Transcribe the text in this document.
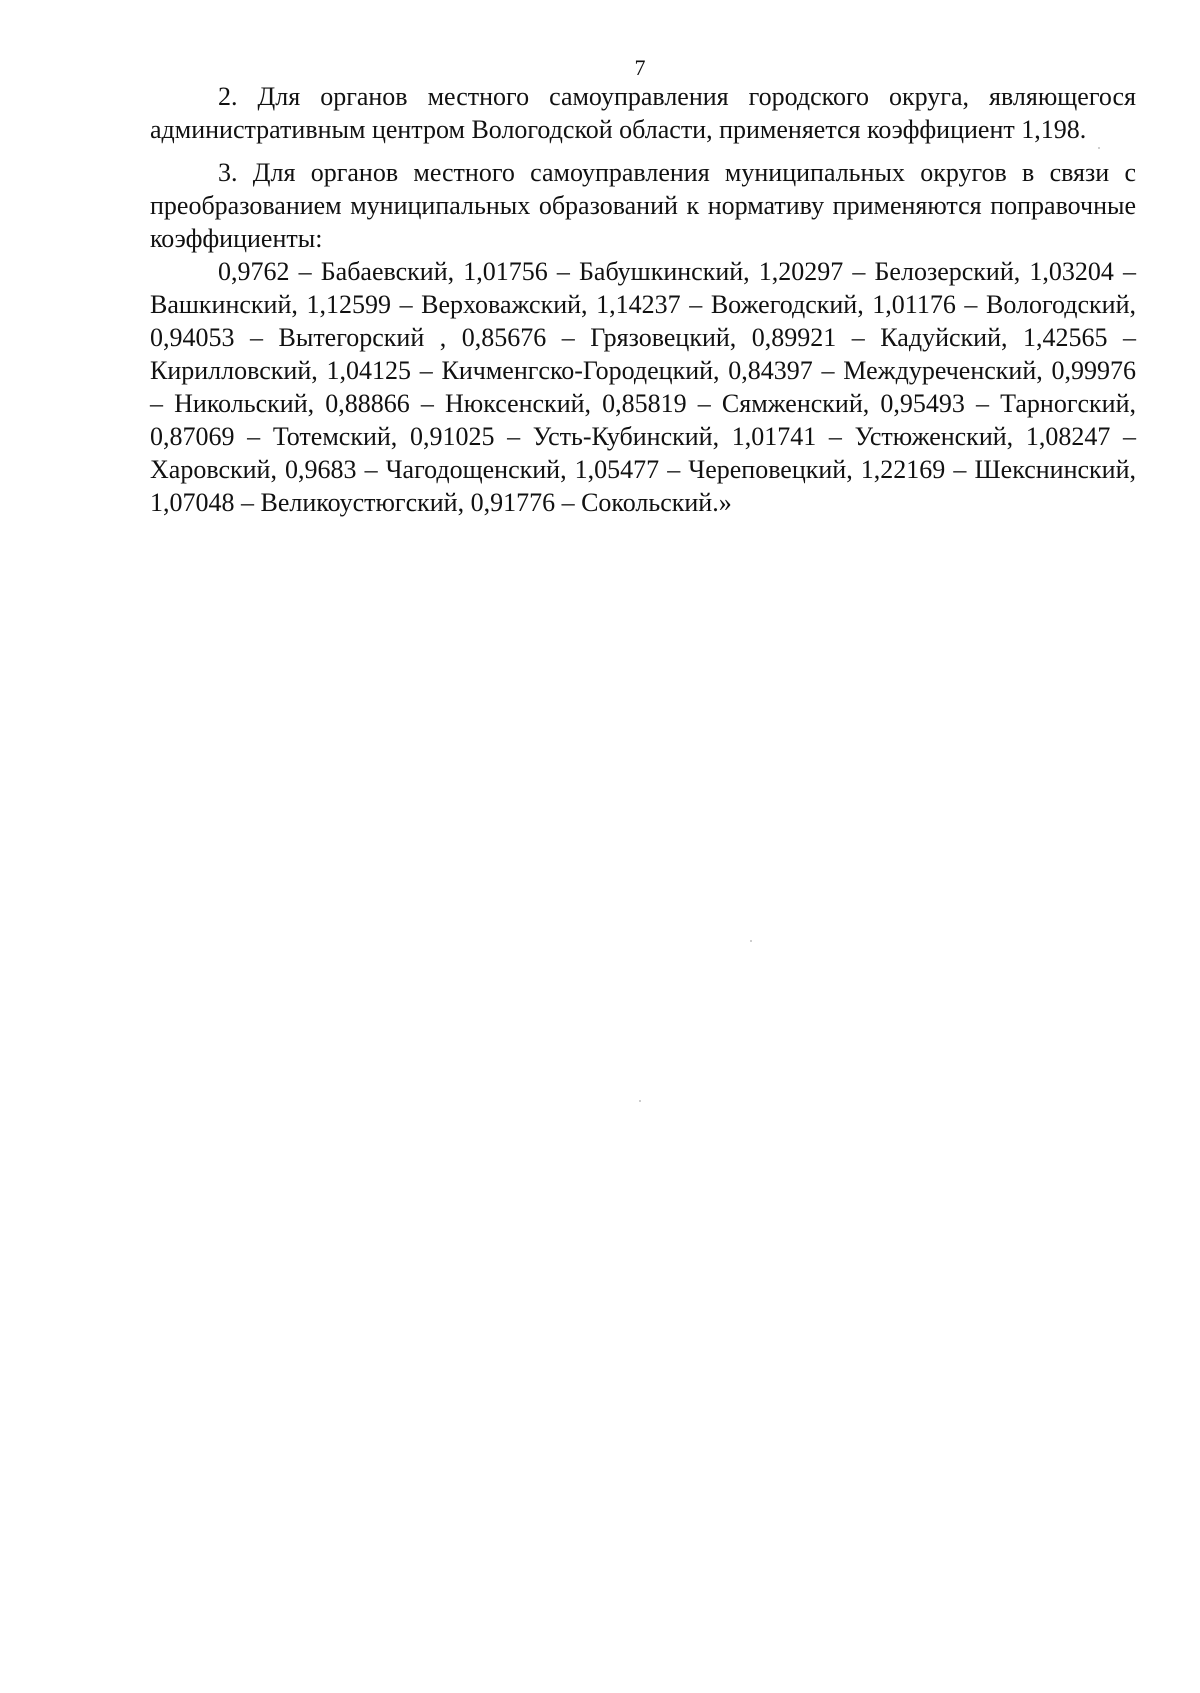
7

2. Для органов местного самоуправления городского округа, являющегося административным центром Вологодской области, применяется коэффициент 1,198.

3. Для органов местного самоуправления муниципальных округов в связи с преобразованием муниципальных образований к нормативу применяются поправочные коэффициенты:

0,9762 – Бабаевский, 1,01756 – Бабушкинский, 1,20297 – Белозерский, 1,03204 – Вашкинский, 1,12599 – Верховажский, 1,14237 – Вожегодский, 1,01176 – Вологодский, 0,94053 – Вытегорский , 0,85676 – Грязовецкий, 0,89921 – Кадуйский, 1,42565 – Кирилловский, 1,04125 – Кичменгско-Городецкий, 0,84397 – Междуреченский, 0,99976 – Никольский, 0,88866 – Нюксенский, 0,85819 – Сямженский, 0,95493 – Тарногский, 0,87069 – Тотемский, 0,91025 – Усть-Кубинский, 1,01741 – Устюженский, 1,08247 – Харовский, 0,9683 – Чагодощенский, 1,05477 – Череповецкий, 1,22169 – Шекснинский, 1,07048 – Великоустюгский, 0,91776 – Сокольский.»
